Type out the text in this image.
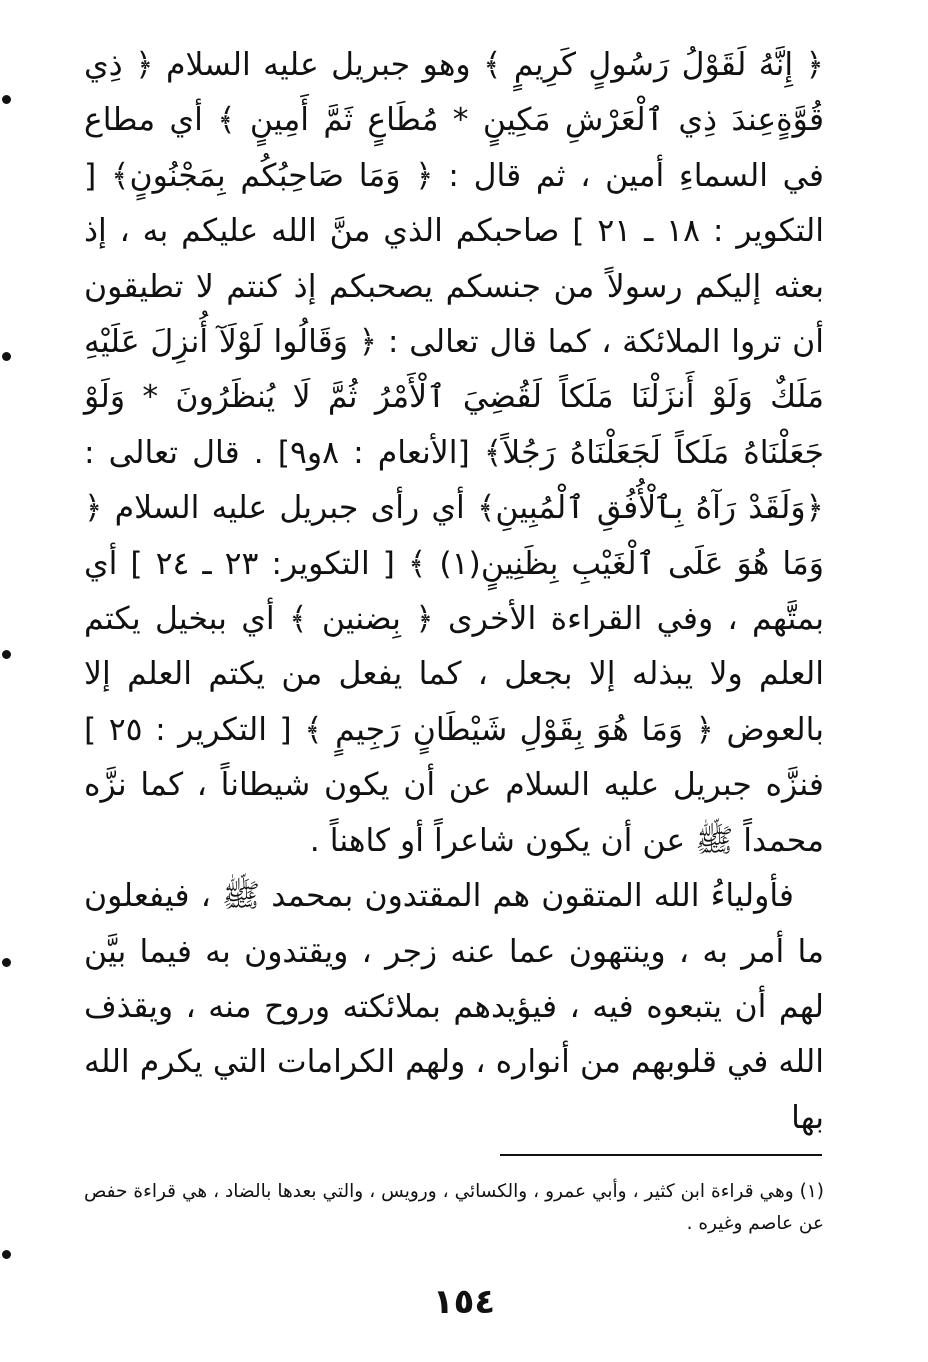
﴿ إِنَّهُ لَقَوْلُ رَسُولٍ كَرِيمٍ ﴾ وهو جبريل عليه السلام ﴿ ذِي قُوَّةٍعِندَ ذِي ٱلْعَرْشِ مَكِينٍ * مُطَاعٍ ثَمَّ أَمِينٍ ﴾ أي مطاع في السماءِ أمين ، ثم قال : ﴿ وَمَا صَاحِبُكُم بِمَجْنُونٍ﴾ [ التكوير : ١٨ ـ ٢١ ] صاحبكم الذي منَّ الله عليكم به ، إذ بعثه إليكم رسولاً من جنسكم يصحبكم إذ كنتم لا تطيقون أن تروا الملائكة ، كما قال تعالى : ﴿ وَقَالُوا لَوْلَآ أُنزِلَ عَلَيْهِ مَلَكٌ وَلَوْ أَنزَلْنَا مَلَكاً لَقُضِيَ ٱلْأَمْرُ ثُمَّ لَا يُنظَرُونَ * وَلَوْ جَعَلْنَاهُ مَلَكاً لَجَعَلْنَاهُ رَجُلاً﴾ [الأنعام : ٨و٩] . قال تعالى : ﴿وَلَقَدْ رَآهُ بِٱلْأُفُقِ ٱلْمُبِينِ﴾ أي رأى جبريل عليه السلام ﴿ وَمَا هُوَ عَلَى ٱلْغَيْبِ بِظَنِينٍ(١) ﴾ [ التكوير: ٢٣ ـ ٢٤ ] أي بمتَّهم ، وفي القراءة الأخرى ﴿ بِضنين ﴾ أي ببخيل يكتم العلم ولا يبذله إلا بجعل ، كما يفعل من يكتم العلم إلا بالعوض ﴿ وَمَا هُوَ بِقَوْلِ شَيْطَانٍ رَجِيمٍ ﴾ [ التكرير : ٢٥ ] فنزَّه جبريل عليه السلام عن أن يكون شيطاناً ، كما نزَّه محمداً ﷺ عن أن يكون شاعراً أو كاهناً .

فأولياءُ الله المتقون هم المقتدون بمحمد ﷺ ، فيفعلون ما أمر به ، وينتهون عما عنه زجر ، ويقتدون به فيما بيَّن لهم أن يتبعوه فيه ، فيؤيدهم بملائكته وروح منه ، ويقذف الله في قلوبهم من أنواره ، ولهم الكرامات التي يكرم الله بها

(١) وهي قراءة ابن كثير ، وأبي عمرو ، والكسائي ، ورويس ، والتي بعدها بالضاد ، هي قراءة حفص عن عاصم وغيره .

١٥٤
